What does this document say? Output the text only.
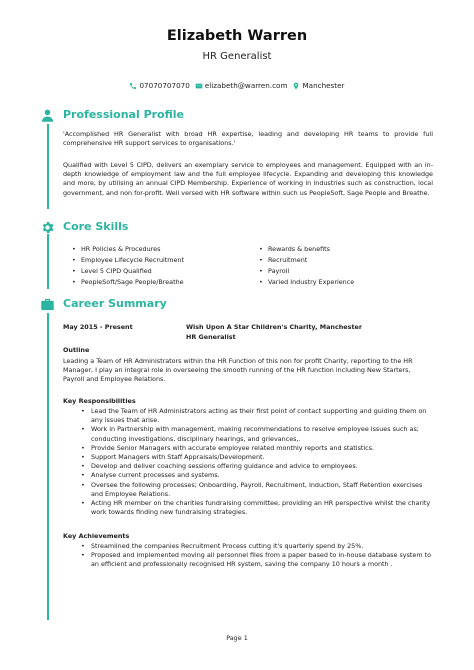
Elizabeth Warren
HR Generalist
07070707070 elizabeth@warren.com Manchester
Professional Profile
'Accomplished HR Generalist with broad HR expertise, leading and developing HR teams to provide full comprehensive HR support services to organisations.'
Qualified with Level 5 CIPD, delivers an exemplary service to employees and management. Equipped with an in-depth knowledge of employment law and the full employee lifecycle. Expanding and developing this knowledge and more, by utilising an annual CIPD Membership. Experience of working in industries such as construction, local government, and non for-profit. Well versed with HR software within such us PeopleSoft, Sage People and Breathe.
Core Skills
• HR Policies & Procedures	• Rewards & benefits
• Employee Lifecycle Recruitment	• Recruitment
• Level 5 CIPD Qualified	• Payroll
• PeopleSoft/Sage People/Breathe	• Varied Industry Experience
Career Summary
May 2015 - Present	Wish Upon A Star Children's Charity, Manchester
HR Generalist
Outline
Leading a Team of HR Administrators within the HR Function of this non for profit Charity, reporting to the HR Manager, I play an integral role in overseeing the smooth running of the HR function including New Starters, Payroll and Employee Relations.
Key Responsibilities
• Lead the Team of HR Administrators acting as their first point of contact supporting and guiding them on any issues that arise.
• Work in Partnership with management, making recommendations to resolve employee issues such as; conducting investigations, disciplinary hearings, and grievances,.
• Provide Senior Managers with accurate employee related monthly reports and statistics.
• Support Managers with Staff Appraisals/Development.
• Develop and deliver coaching sessions offering guidance and advice to employees.
• Analyse current processes and systems.
• Oversee the following processes; Onboarding, Payroll, Recruitment, Induction, Staff Retention exercises and Employee Relations.
• Acting HR member on the charities fundraising committee, providing an HR perspective whilst the charity work towards finding new fundraising strategies.
Key Achievements
• Streamlined the companies Recruitment Process cutting it's quarterly spend by 25%.
• Proposed and implemented moving all personnel files from a paper based to in-house database system to an efficient and professionally recognised HR system, saving the company 10 hours a month .
Page 1
